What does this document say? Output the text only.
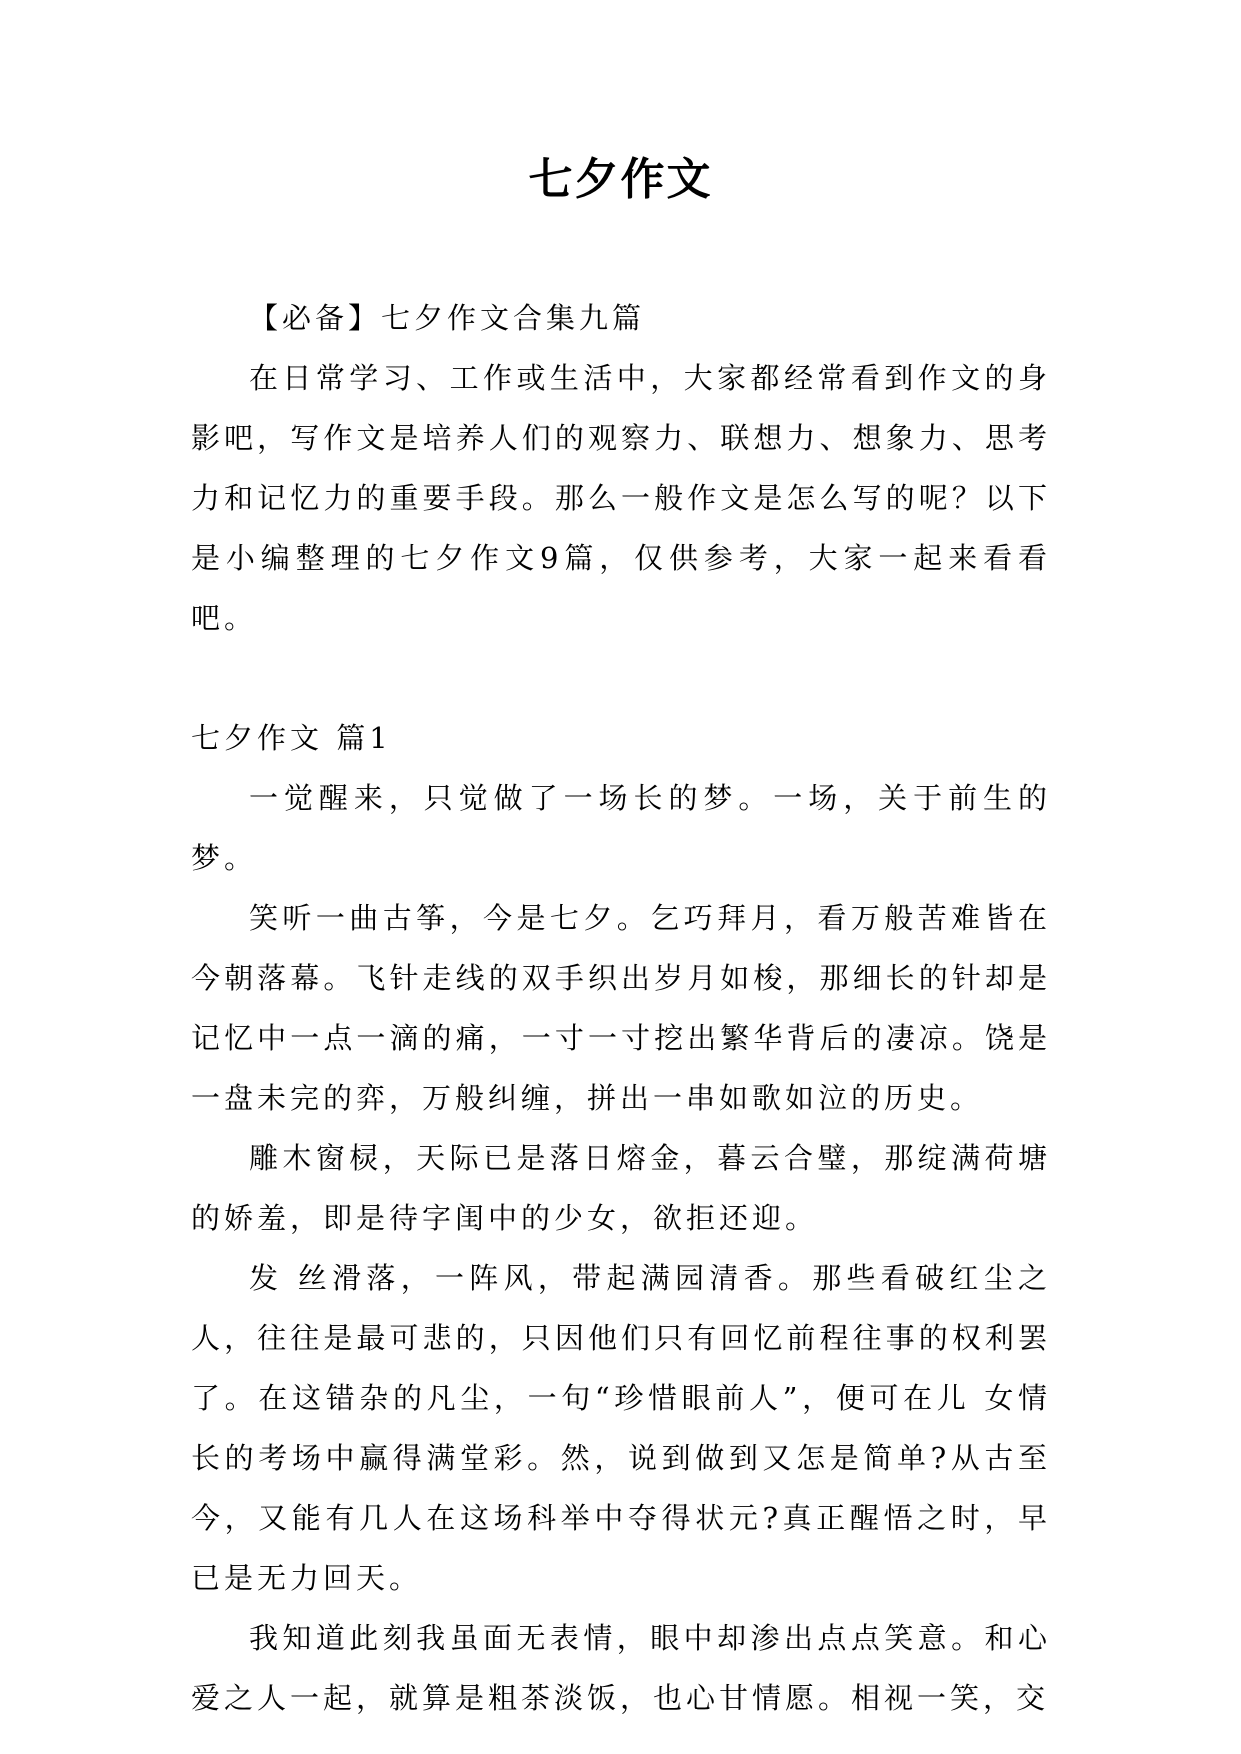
七夕作文

【必备】七夕作文合集九篇

在日常学习、工作或生活中，大家都经常看到作文的身影吧，写作文是培养人们的观察力、联想力、想象力、思考力和记忆力的重要手段。那么一般作文是怎么写的呢？以下是小编整理的七夕作文9篇，仅供参考，大家一起来看看吧。

七夕作文 篇1

一觉醒来，只觉做了一场长的梦。一场，关于前生的梦。

笑听一曲古筝，今是七夕。乞巧拜月，看万般苦难皆在今朝落幕。飞针走线的双手织出岁月如梭，那细长的针却是记忆中一点一滴的痛，一寸一寸挖出繁华背后的凄凉。饶是一盘未完的弈，万般纠缠，拼出一串如歌如泣的历史。

雕木窗棂，天际已是落日熔金，暮云合璧，那绽满荷塘的娇羞，即是待字闺中的少女，欲拒还迎。

发 丝滑落，一阵风，带起满园清香。那些看破红尘之人，往往是最可悲的，只因他们只有回忆前程往事的权利罢了。在这错杂的凡尘，一句“珍惜眼前人”，便可在儿 女情长的考场中赢得满堂彩。然，说到做到又怎是简单?从古至今，又能有几人在这场科举中夺得状元?真正醒悟之时，早已是无力回天。

我知道此刻我虽面无表情，眼中却渗出点点笑意。和心爱之人一起，就算是粗茶淡饭，也心甘情愿。相视一笑，交
